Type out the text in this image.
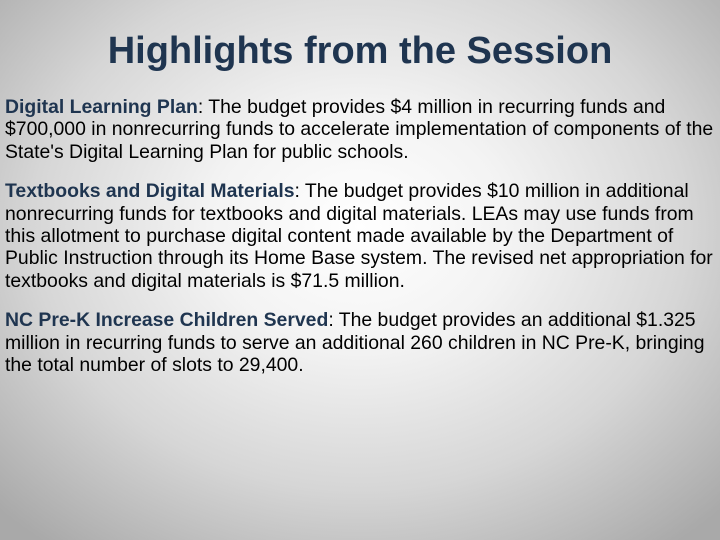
Highlights from the Session

Digital Learning Plan: The budget provides $4 million in recurring funds and $700,000 in nonrecurring funds to accelerate implementation of components of the State's Digital Learning Plan for public schools.

Textbooks and Digital Materials: The budget provides $10 million in additional nonrecurring funds for textbooks and digital materials. LEAs may use funds from this allotment to purchase digital content made available by the Department of Public Instruction through its Home Base system. The revised net appropriation for textbooks and digital materials is $71.5 million.

NC Pre-K Increase Children Served: The budget provides an additional $1.325 million in recurring funds to serve an additional 260 children in NC Pre-K, bringing the total number of slots to 29,400.
